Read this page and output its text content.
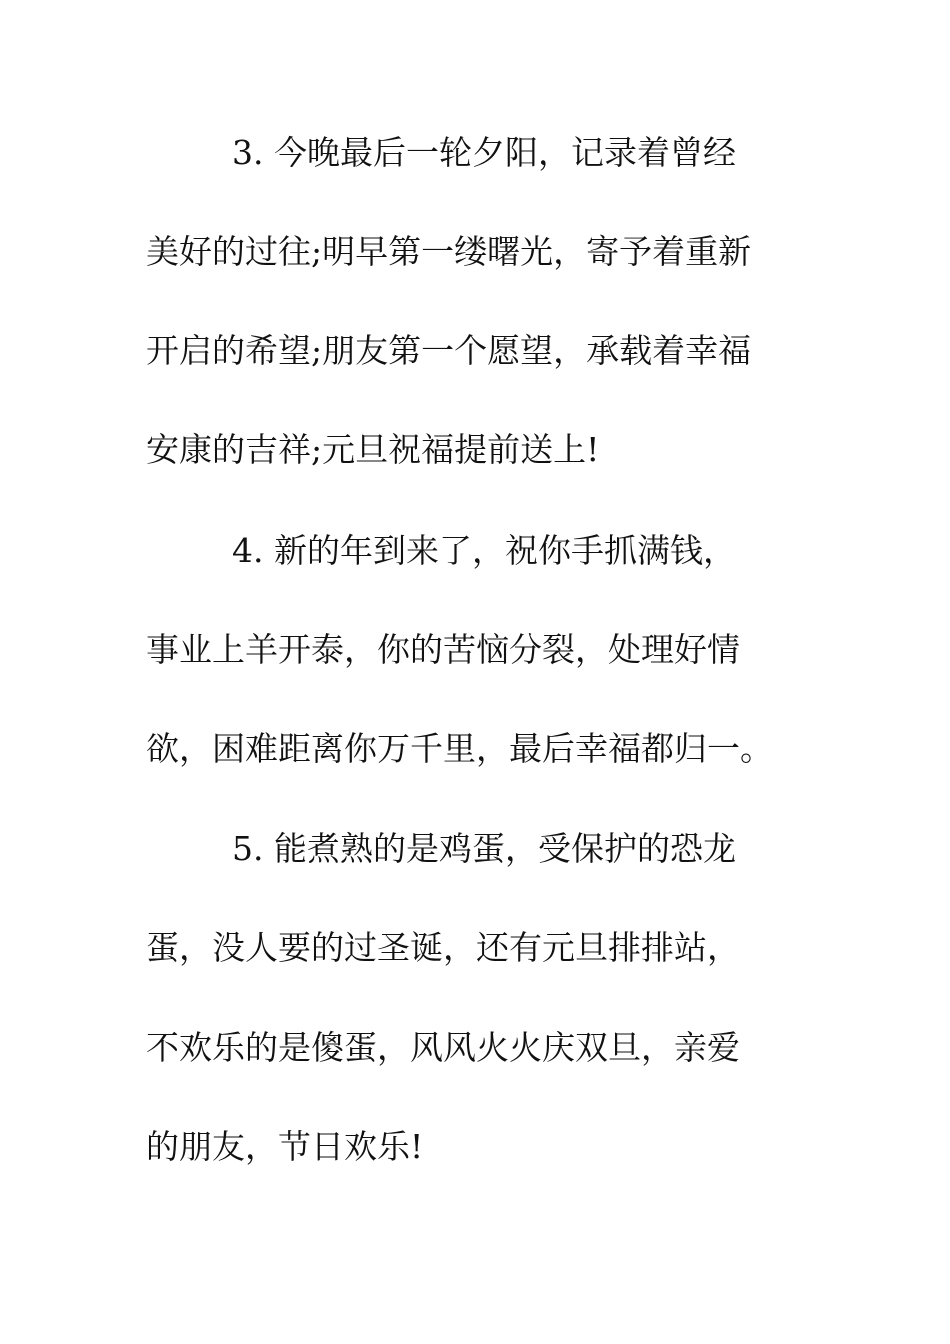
3. 今晚最后一轮夕阳，记录着曾经
美好的过往;明早第一缕曙光，寄予着重新
开启的希望;朋友第一个愿望，承载着幸福
安康的吉祥;元旦祝福提前送上!
4. 新的年到来了，祝你手抓满钱，
事业上羊开泰，你的苦恼分裂，处理好情
欲，困难距离你万千里，最后幸福都归一。
5. 能煮熟的是鸡蛋，受保护的恐龙
蛋，没人要的过圣诞，还有元旦排排站，
不欢乐的是傻蛋，风风火火庆双旦，亲爱
的朋友，节日欢乐!
